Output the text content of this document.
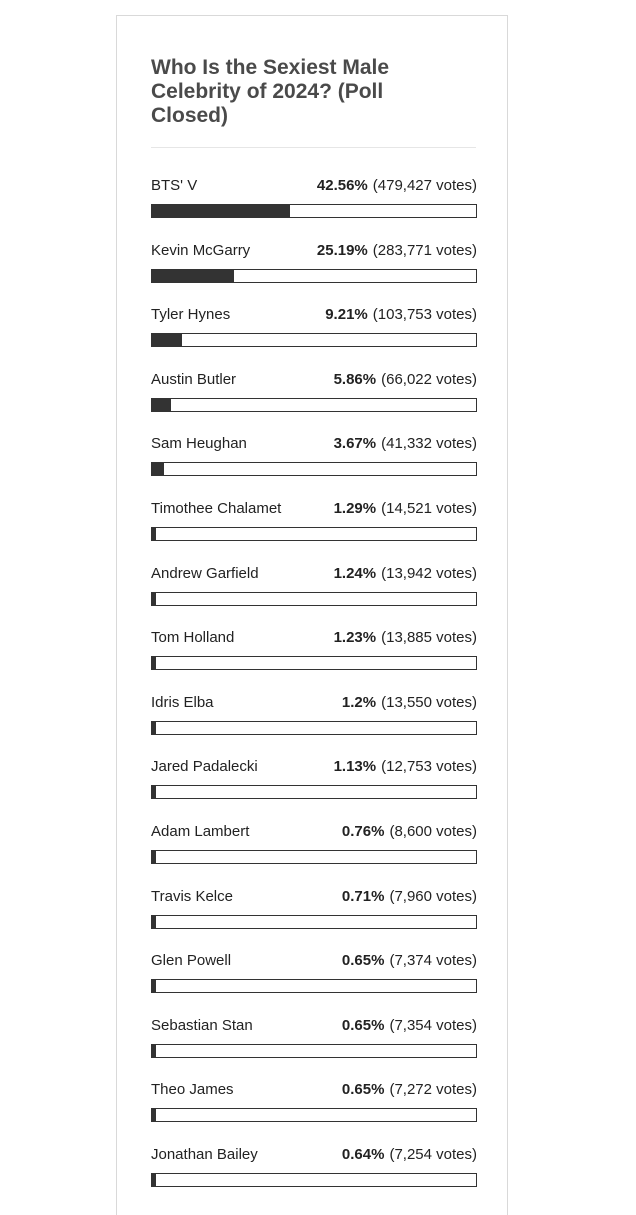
Who Is the Sexiest Male Celebrity of 2024? (Poll Closed)
BTS' V	42.56% (479,427 votes)
Kevin McGarry	25.19% (283,771 votes)
Tyler Hynes	9.21% (103,753 votes)
Austin Butler	5.86% (66,022 votes)
Sam Heughan	3.67% (41,332 votes)
Timothee Chalamet	1.29% (14,521 votes)
Andrew Garfield	1.24% (13,942 votes)
Tom Holland	1.23% (13,885 votes)
Idris Elba	1.2% (13,550 votes)
Jared Padalecki	1.13% (12,753 votes)
Adam Lambert	0.76% (8,600 votes)
Travis Kelce	0.71% (7,960 votes)
Glen Powell	0.65% (7,374 votes)
Sebastian Stan	0.65% (7,354 votes)
Theo James	0.65% (7,272 votes)
Jonathan Bailey	0.64% (7,254 votes)
